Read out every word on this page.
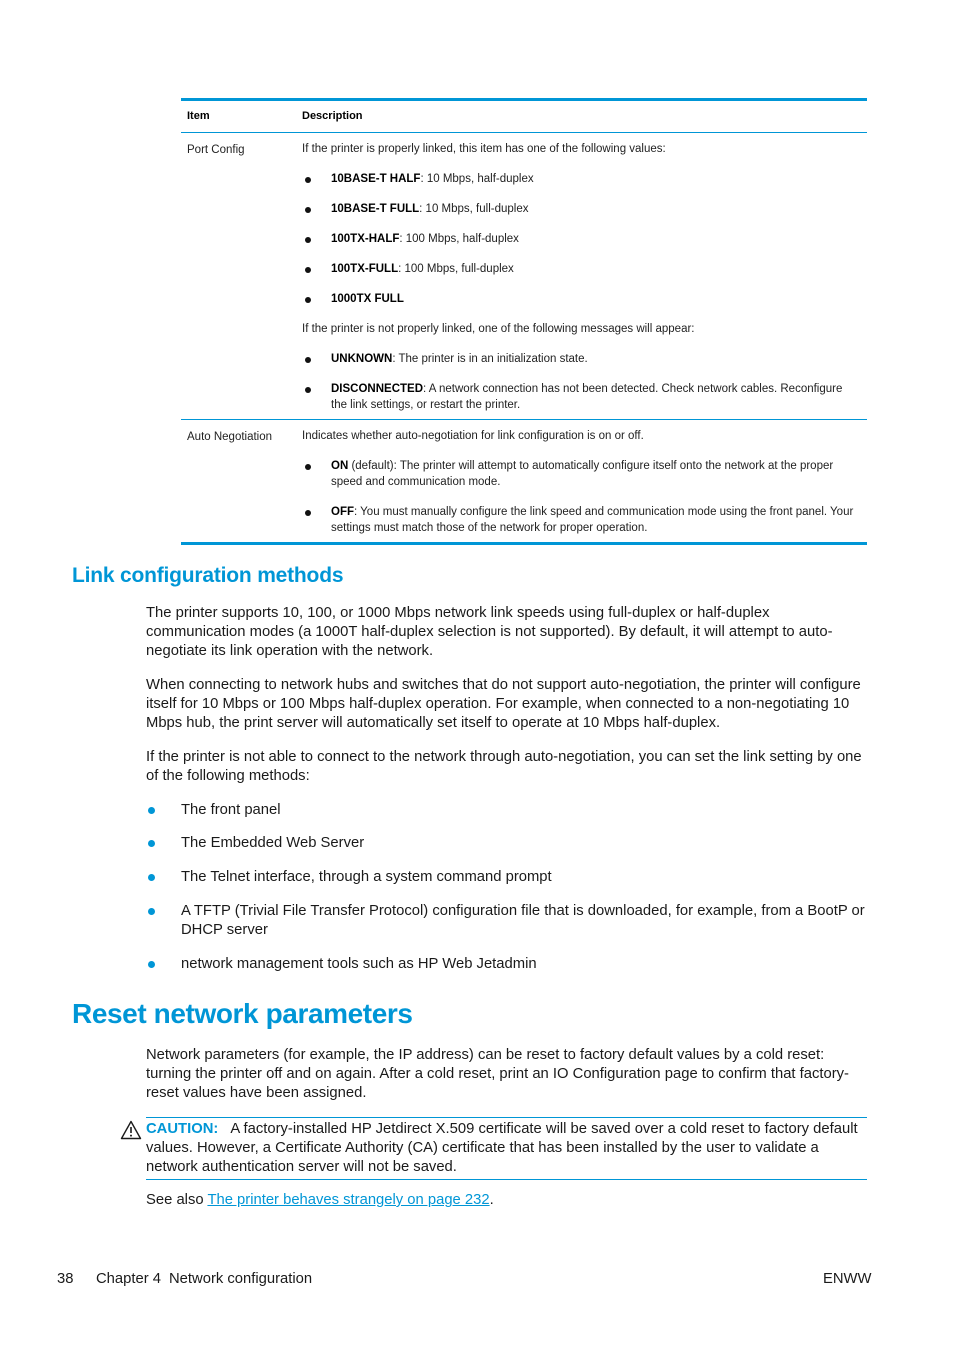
Item	Description
Port Config	If the printer is properly linked, this item has one of the following values:

10BASE-T HALF: 10 Mbps, half-duplex
10BASE-T FULL: 10 Mbps, full-duplex
100TX-HALF: 100 Mbps, half-duplex
100TX-FULL: 100 Mbps, full-duplex
1000TX FULL

If the printer is not properly linked, one of the following messages will appear:

UNKNOWN: The printer is in an initialization state.
DISCONNECTED: A network connection has not been detected. Check network cables. Reconfigure the link settings, or restart the printer.
Auto Negotiation	Indicates whether auto-negotiation for link configuration is on or off.

ON (default): The printer will attempt to automatically configure itself onto the network at the proper speed and communication mode.
OFF: You must manually configure the link speed and communication mode using the front panel. Your settings must match those of the network for proper operation.
Link configuration methods

The printer supports 10, 100, or 1000 Mbps network link speeds using full-duplex or half-duplex communication modes (a 1000T half-duplex selection is not supported). By default, it will attempt to auto-negotiate its link operation with the network.

When connecting to network hubs and switches that do not support auto-negotiation, the printer will configure itself for 10 Mbps or 100 Mbps half-duplex operation. For example, when connected to a non-negotiating 10 Mbps hub, the print server will automatically set itself to operate at 10 Mbps half-duplex.

If the printer is not able to connect to the network through auto-negotiation, you can set the link setting by one of the following methods:

The front panel
The Embedded Web Server
The Telnet interface, through a system command prompt
A TFTP (Trivial File Transfer Protocol) configuration file that is downloaded, for example, from a BootP or DHCP server
network management tools such as HP Web Jetadmin
Reset network parameters

Network parameters (for example, the IP address) can be reset to factory default values by a cold reset: turning the printer off and on again. After a cold reset, print an IO Configuration page to confirm that factory-reset values have been assigned.

CAUTION: A factory-installed HP Jetdirect X.509 certificate will be saved over a cold reset to factory default values. However, a Certificate Authority (CA) certificate that has been installed by the user to validate a network authentication server will not be saved.
See also The printer behaves strangely on page 232.
38 Chapter 4 Network configuration	ENWW
